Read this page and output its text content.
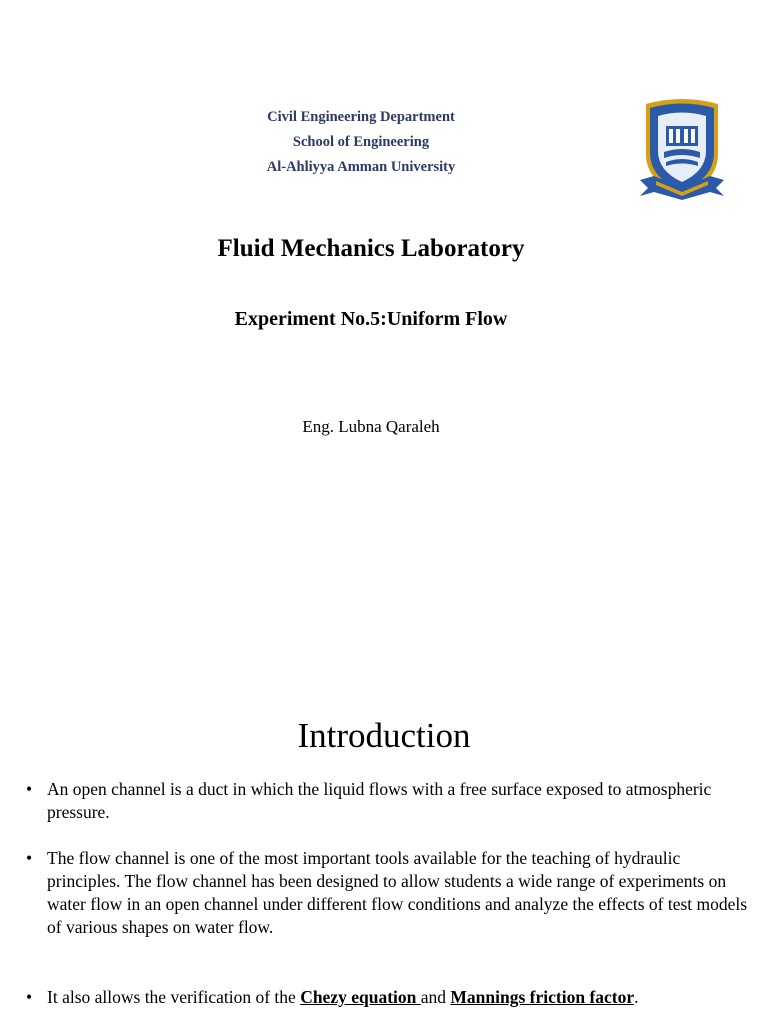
Civil Engineering Department
School of Engineering
Al-Ahliyya Amman University
Fluid Mechanics Laboratory
Experiment No.5:Uniform Flow
Eng. Lubna Qaraleh
Introduction
• An open channel is a duct in which the liquid flows with a free surface exposed to atmospheric pressure.
• The flow channel is one of the most important tools available for the teaching of hydraulic principles. The flow channel has been designed to allow students a wide range of experiments on water flow in an open channel under different flow conditions and analyze the effects of test models of various shapes on water flow.
• It also allows the verification of the Chezy equation and Mannings friction factor.
